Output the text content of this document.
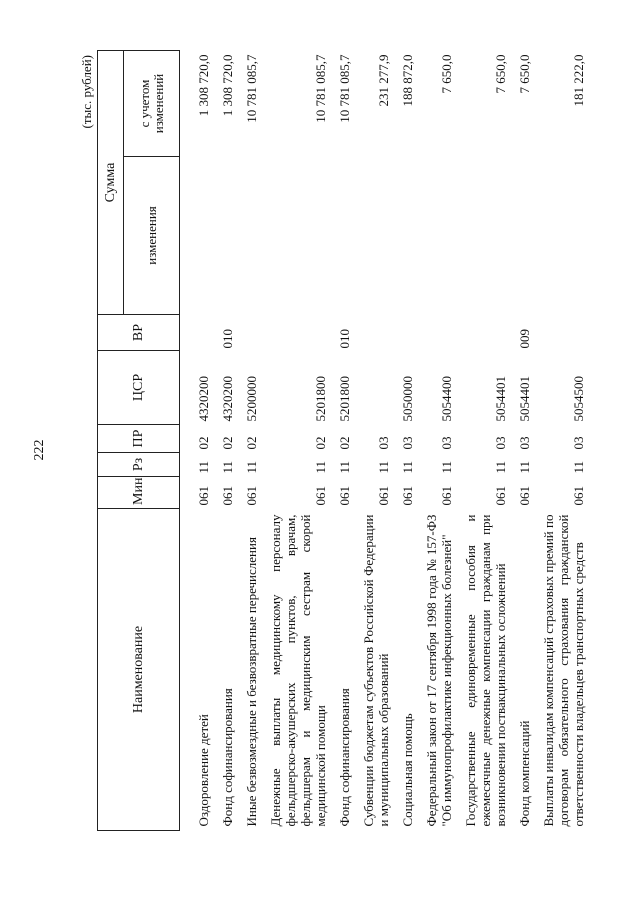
222
(тыс. рублей)
Наименование	Мин	Рз	ПР	ЦСР	ВР	Сумма	
						изменения	с учетом изменений
Оздоровление детей	061	11	02	4320200			1 308 720,0
Фонд софинансирования	061	11	02	4320200	010		1 308 720,0
Иные безвозмездные и безвозвратные перечисления	061	11	02	5200000			10 781 085,7
Денежные выплаты медицинскому персоналу фельдшерско-акушерских пунктов, врачам, фельдшерам и медицинским сестрам скорой медицинской помощи	061	11	02	5201800			10 781 085,7
Фонд софинансирования	061	11	02	5201800	010		10 781 085,7
Субвенции бюджетам субъектов Российской Федерации и муниципальных образований	061	11	03				231 277,9
Социальная помощь	061	11	03	5050000			188 872,0
Федеральный закон от 17 сентября 1998 года № 157-ФЗ "Об иммунопрофилактике инфекционных болезней"	061	11	03	5054400			7 650,0
Государственные единовременные пособия и ежемесячные денежные компенсации гражданам при возникновении поствакцинальных осложнений	061	11	03	5054401			7 650,0
Фонд компенсаций	061	11	03	5054401	009		7 650,0
Выплаты инвалидам компенсаций страховых премий по договорам обязательного страхования гражданской ответственности владельцев транспортных средств	061	11	03	5054500			181 222,0
